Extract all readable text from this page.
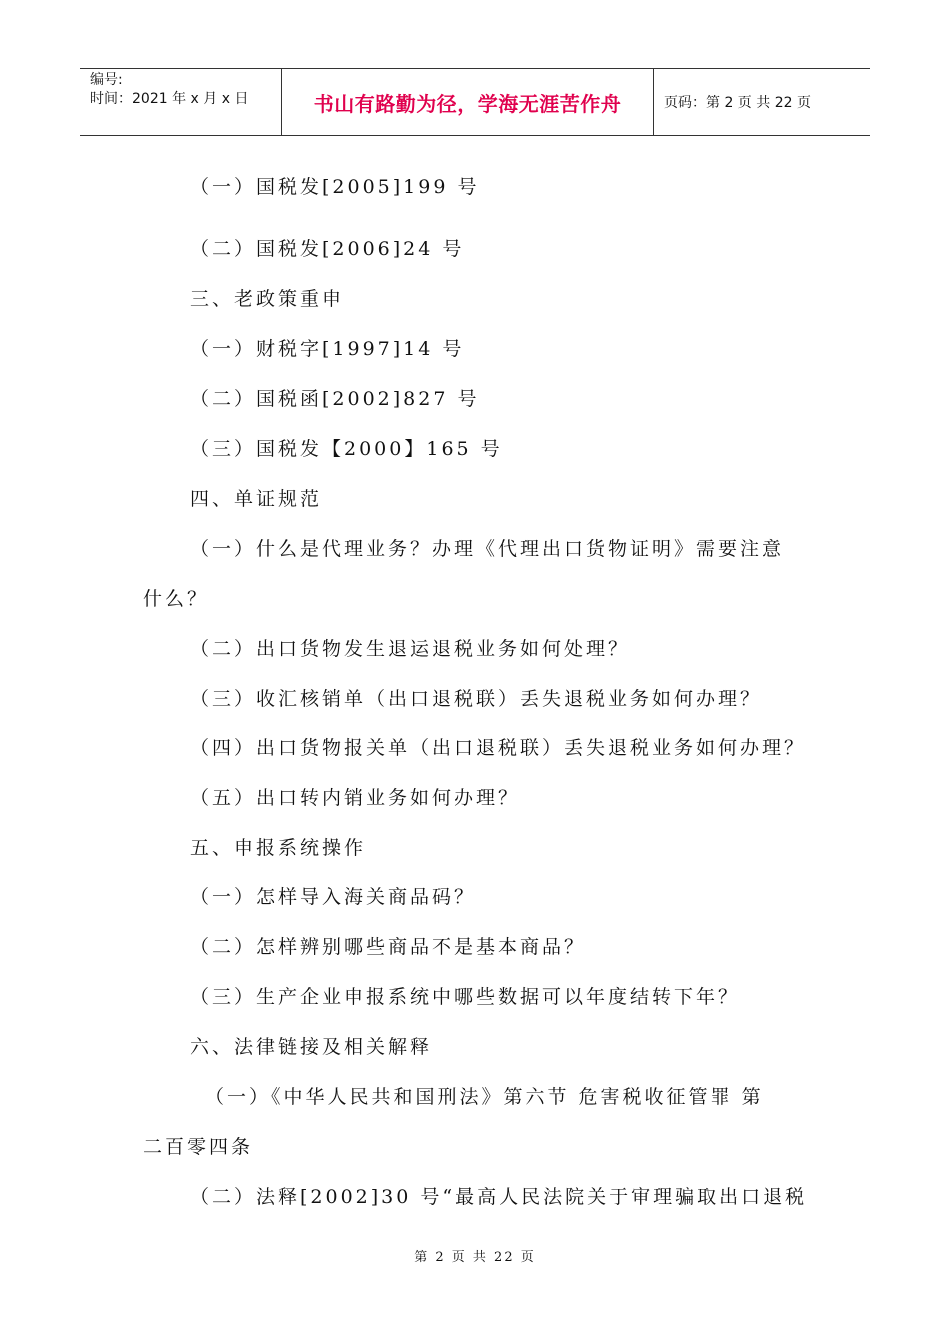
编号:
时间：2021 年 x 月 x 日	书山有路勤为径，学海无涯苦作舟	页码：第 2 页 共 22 页
（一）国税发[2005]199 号
（二）国税发[2006]24 号
三、老政策重申
（一）财税字[1997]14 号
（二）国税函[2002]827 号
（三）国税发【2000】165 号
四、单证规范
（一）什么是代理业务？办理《代理出口货物证明》需要注意
什么？
（二）出口货物发生退运退税业务如何处理？
（三）收汇核销单（出口退税联）丢失退税业务如何办理？
（四）出口货物报关单（出口退税联）丢失退税业务如何办理？
（五）出口转内销业务如何办理？
五、申报系统操作
（一）怎样导入海关商品码？
（二）怎样辨别哪些商品不是基本商品？
（三）生产企业申报系统中哪些数据可以年度结转下年？
六、法律链接及相关解释
（一）《中华人民共和国刑法》第六节 危害税收征管罪 第
二百零四条
（二）法释[2002]30 号“最高人民法院关于审理骗取出口退税
第 2 页 共 22 页
